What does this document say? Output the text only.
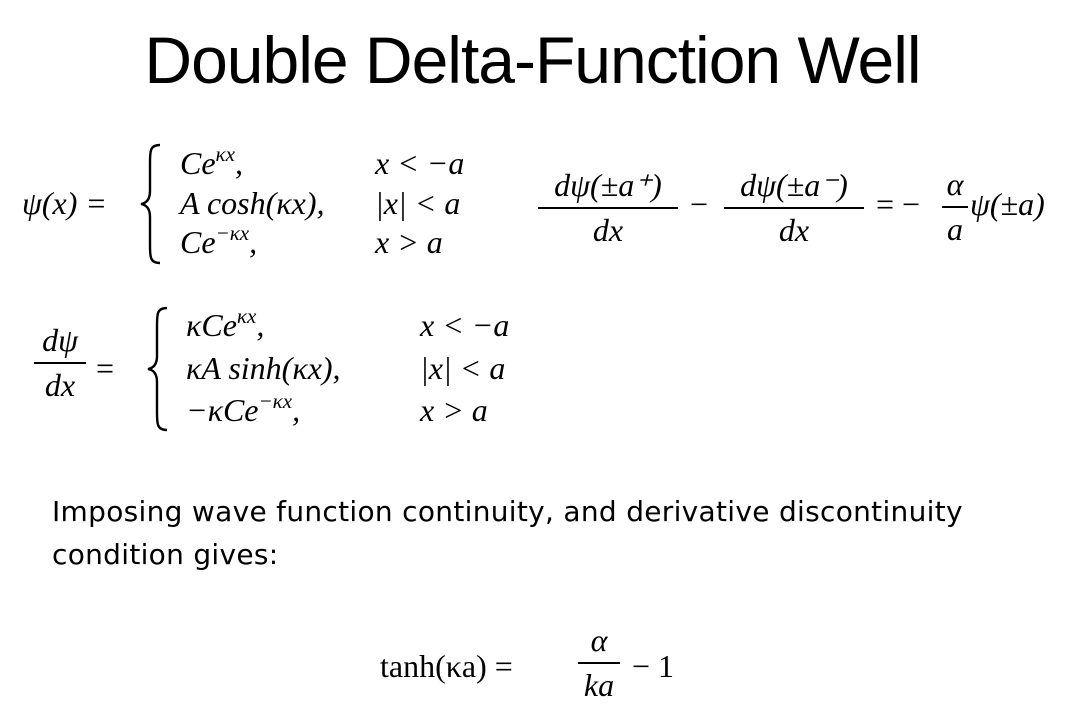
Double Delta-Function Well
ψ(x) =
$Ce^{\kappa x}$,	x < −a
A cosh(κx), |x| < a
$Ce^{-\kappa x}$,	x > a
dψ(±a⁺)
dx
−
dψ(±a⁻)
dx
= −
α
a
ψ(±a)
dψ
dx =
κCe$^{\kappa x}$,	x < −a
κA sinh(κx), |x| < a
−κCe$^{-\kappa x}$,	x > a
Imposing wave function continuity, and derivative discontinuity condition gives:
tanh(κa) =
α
ka
− 1
